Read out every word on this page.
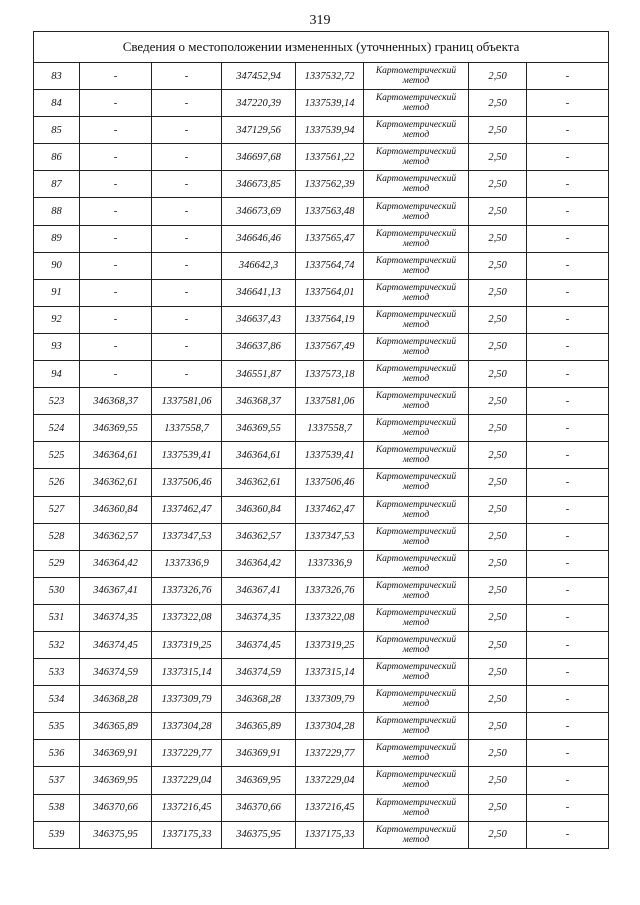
319
Сведения о местоположении измененных (уточненных) границ объекта							
83	-	-	347452,94	1337532,72	Картометрический метод	2,50	-
84	-	-	347220,39	1337539,14	Картометрический метод	2,50	-
85	-	-	347129,56	1337539,94	Картометрический метод	2,50	-
86	-	-	346697,68	1337561,22	Картометрический метод	2,50	-
87	-	-	346673,85	1337562,39	Картометрический метод	2,50	-
88	-	-	346673,69	1337563,48	Картометрический метод	2,50	-
89	-	-	346646,46	1337565,47	Картометрический метод	2,50	-
90	-	-	346642,3	1337564,74	Картометрический метод	2,50	-
91	-	-	346641,13	1337564,01	Картометрический метод	2,50	-
92	-	-	346637,43	1337564,19	Картометрический метод	2,50	-
93	-	-	346637,86	1337567,49	Картометрический метод	2,50	-
94	-	-	346551,87	1337573,18	Картометрический метод	2,50	-
523	346368,37	1337581,06	346368,37	1337581,06	Картометрический метод	2,50	-
524	346369,55	1337558,7	346369,55	1337558,7	Картометрический метод	2,50	-
525	346364,61	1337539,41	346364,61	1337539,41	Картометрический метод	2,50	-
526	346362,61	1337506,46	346362,61	1337506,46	Картометрический метод	2,50	-
527	346360,84	1337462,47	346360,84	1337462,47	Картометрический метод	2,50	-
528	346362,57	1337347,53	346362,57	1337347,53	Картометрический метод	2,50	-
529	346364,42	1337336,9	346364,42	1337336,9	Картометрический метод	2,50	-
530	346367,41	1337326,76	346367,41	1337326,76	Картометрический метод	2,50	-
531	346374,35	1337322,08	346374,35	1337322,08	Картометрический метод	2,50	-
532	346374,45	1337319,25	346374,45	1337319,25	Картометрический метод	2,50	-
533	346374,59	1337315,14	346374,59	1337315,14	Картометрический метод	2,50	-
534	346368,28	1337309,79	346368,28	1337309,79	Картометрический метод	2,50	-
535	346365,89	1337304,28	346365,89	1337304,28	Картометрический метод	2,50	-
536	346369,91	1337229,77	346369,91	1337229,77	Картометрический метод	2,50	-
537	346369,95	1337229,04	346369,95	1337229,04	Картометрический метод	2,50	-
538	346370,66	1337216,45	346370,66	1337216,45	Картометрический метод	2,50	-
539	346375,95	1337175,33	346375,95	1337175,33	Картометрический метод	2,50	-
